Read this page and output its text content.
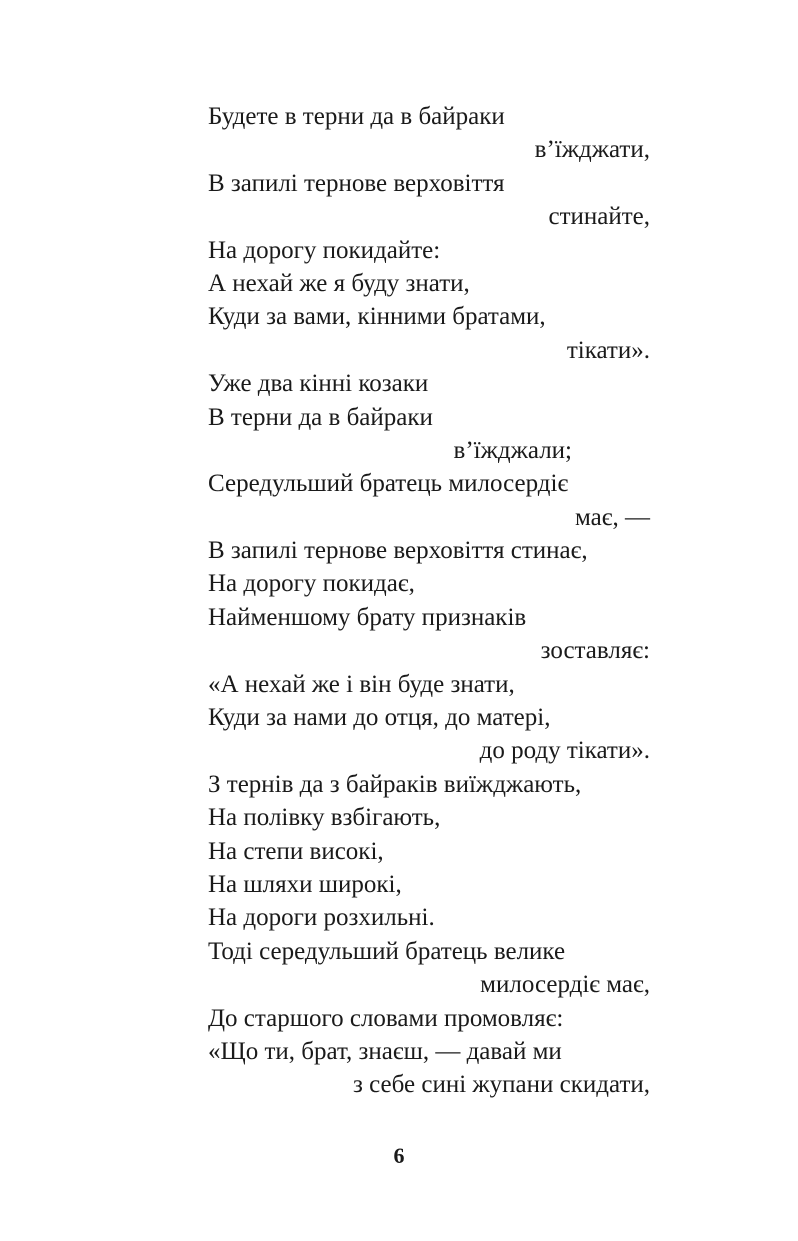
Будете в терни да в байраки
в’їжджати,
В запилі тернове верховіття
стинайте,
На дорогу покидайте:
А нехай же я буду знати,
Куди за вами, кінними братами,
тікати».
Уже два кінні козаки
В терни да в байраки
в’їжджали;
Середульший братець милосердіє
має, —
В запилі тернове верховіття стинає,
На дорогу покидає,
Найменшому брату признаків
зоставляє:
«А нехай же і він буде знати,
Куди за нами до отця, до матері,
до роду тікати».
З тернів да з байраків виїжджають,
На полівку взбігають,
На степи високі,
На шляхи широкі,
На дороги розхильні.
Тоді середульший братець велике
милосердіє має,
До старшого словами промовляє:
«Що ти, брат, знаєш, — давай ми
з себе сині жупани скидати,
6
